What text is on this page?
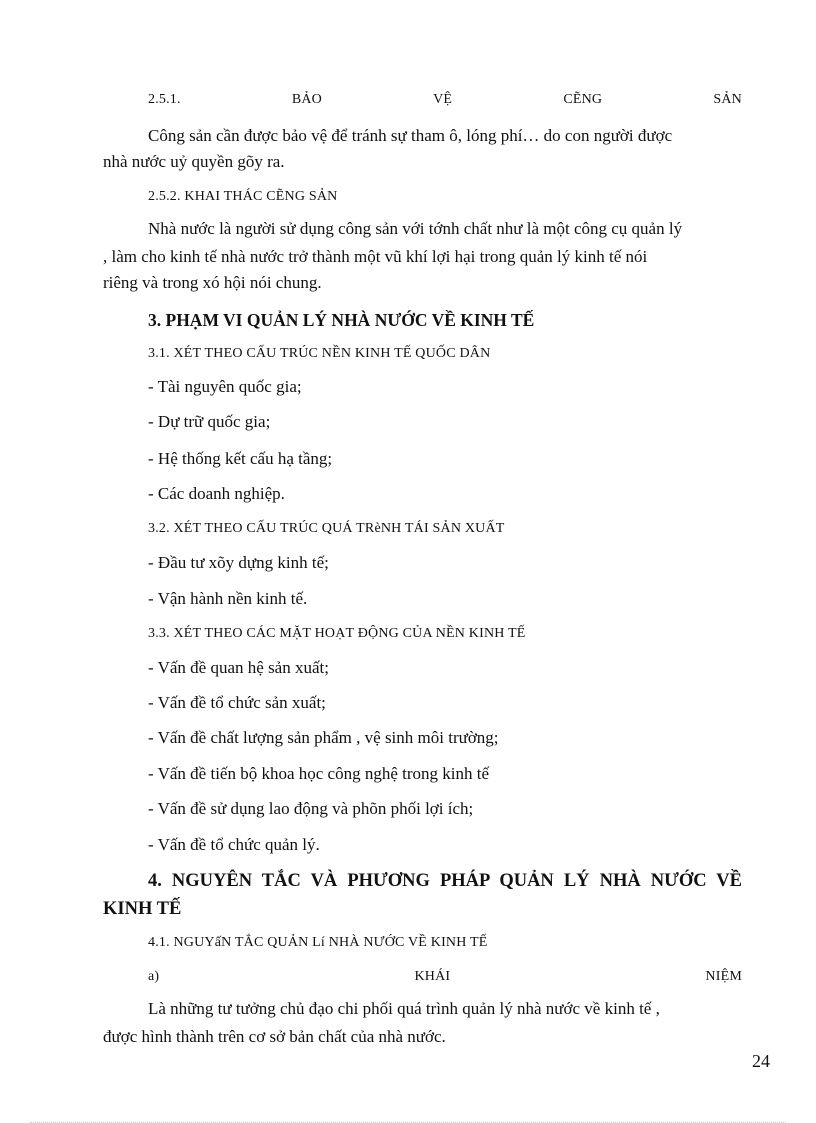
2.5.1.	BẢO	VỆ	CẼNG	SẢN
Công sản cần được bảo vệ để tránh sự tham ô, lóng phí… do con người được
nhà nước uỷ quyền gõy ra.
2.5.2. KHAI THÁC CẼNG SẢN
Nhà nước là người sử dụng công sản với tớnh chất như là một công cụ quản lý
, làm cho kinh tế nhà nước trở thành một vũ khí lợi hại trong quản lý kinh tế nói
riêng và trong xó hội nói chung.
3. PHẠM VI QUẢN LÝ NHÀ NƯỚC VỀ KINH TẾ
3.1. XÉT THEO CẤU TRÚC NỀN KINH TẾ QUỐC DÂN
- Tài nguyên quốc gia;
- Dự trữ quốc gia;
- Hệ thống kết cấu hạ tầng;
- Các doanh nghiệp.
3.2. XÉT THEO CẤU TRÚC QUÁ TRèNH TÁI SẢN XUẤT
- Đầu tư xõy dựng kinh tế;
- Vận hành nền kinh tế.
3.3. XÉT THEO CÁC MẶT HOẠT ĐỘNG CỦA NỀN KINH TẾ
- Vấn đề quan hệ sản xuất;
- Vấn đề tổ chức sản xuất;
- Vấn đề chất lượng sản phẩm , vệ sinh môi trường;
- Vấn đề tiến bộ khoa học công nghệ trong kinh tế
- Vấn đề sử dụng lao động và phõn phối lợi ích;
- Vấn đề tổ chức quản lý.
4. NGUYÊN TẮC VÀ PHƯƠNG PHÁP QUẢN LÝ NHÀ NƯỚC VỀ
KINH TẾ
4.1. NGUYấN TẮC QUẢN Lí NHÀ NƯỚC VỀ KINH TẾ
a)	KHÁI	NIỆM
Là những tư tưởng chủ đạo chi phối quá trình quản lý nhà nước về kinh tế ,
được hình thành trên cơ sở bản chất của nhà nước.
24
